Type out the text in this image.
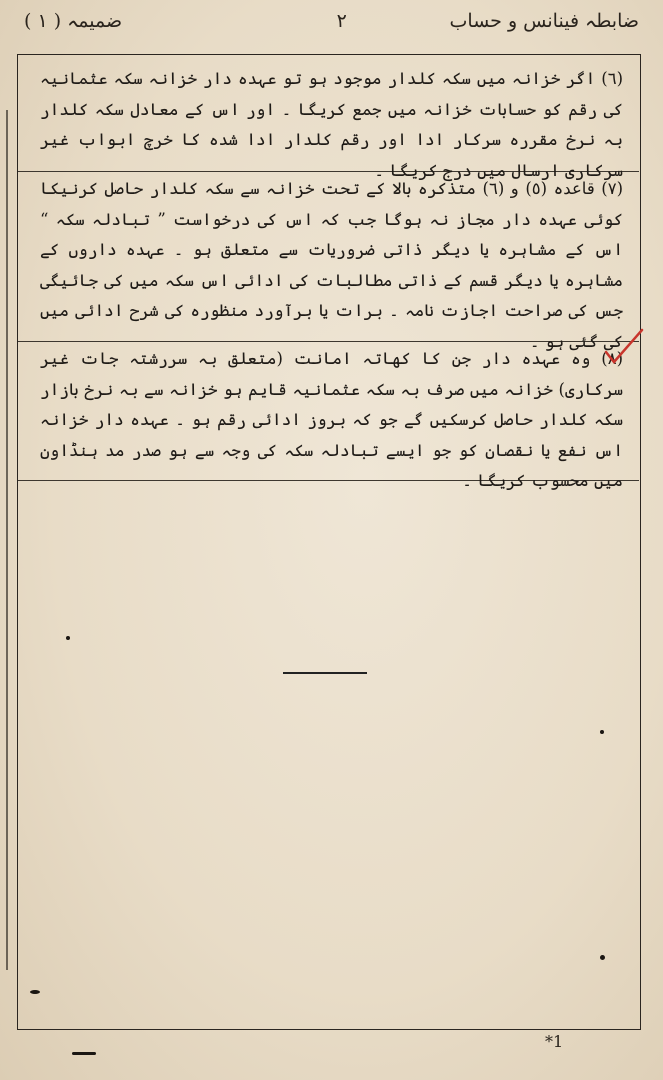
ضابطہ فینانس و حساب
۲
ضمیمہ ( ۱ )

(٦) اگر خزانہ میں سکہ کلدار موجود ہو تو عہدہ دار خزانہ سکہ عثمانیہ کی رقم کو حسابات خزانہ میں جمع کریگا ۔ اور اس کے معادل سکہ کلدار بہ نرخ مقررہ سرکار ادا اور رقم کلدار ادا شدہ کا خرچ ابواب غیر سرکاری ارسال میں درج کریگا ۔

(٧) قاعدہ (٥) و (٦) متذکرہ بالا کے تحت خزانہ سے سکہ کلدار حاصل کرنیکا کوئی عہدہ دار مجاز نہ ہوگا جب کہ اس کی درخواست ” تبادلہ سکہ “ اس کے مشاہرہ یا دیگر ذاتی ضروریات سے متعلق ہو ۔ عہدہ داروں کے مشاہرہ یا دیگر قسم کے ذاتی مطالبات کی ادائی اس سکہ میں کی جائیگی جس کی صراحت اجازت نامہ ۔ برات یا برآورد منظورہ کی شرح ادائی میں کی گئی ہو ۔

(٨) وہ عہدہ دار جن کا کھاتہ امانت (متعلق بہ سررشتہ جات غیر سرکاری) خزانہ میں صرف بہ سکہ عثمانیہ قایم ہو خزانہ سے بہ نرخ بازار سکہ کلدار حاصل کرسکیں گے جو کہ بروز ادائی رقم ہو ۔ عہدہ دار خزانہ اس نفع یا نقصان کو جو ایسے تبادلہ سکہ کی وجہ سے ہو صدر مد ہنڈاون میں محسوب کریگا ۔

*1
